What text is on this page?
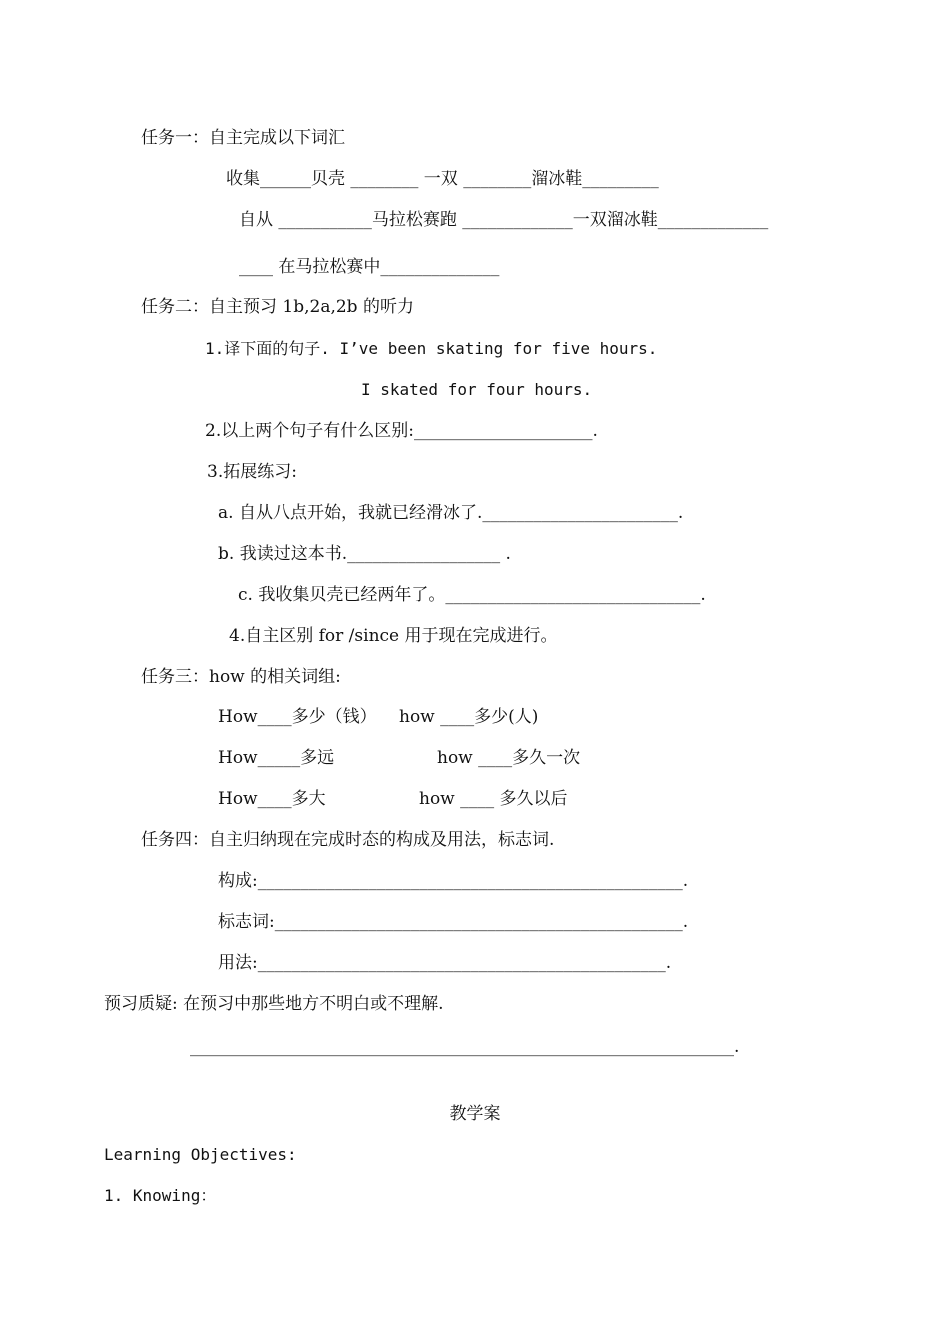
任务一：自主完成以下词汇
收集______贝壳 ________ 一双 ________溜冰鞋_________
自从 ___________马拉松赛跑 _____________一双溜冰鞋_____________
____ 在马拉松赛中______________
任务二：自主预习 1b,2a,2b 的听力
1.译下面的句子. I’ve been skating for five hours.
I skated for four hours.
2.以上两个句子有什么区别:_____________________.
3.拓展练习:
a. 自从八点开始，我就已经滑冰了._______________________.
b. 我读过这本书.__________________ .
c. 我收集贝壳已经两年了。______________________________.
4.自主区别 for /since 用于现在完成进行。
任务三：how 的相关词组:
How____多少（钱） how ____多少(人)
How_____多远	how ____多久一次
How____多大	how ____ 多久以后
任务四：自主归纳现在完成时态的构成及用法，标志词.
构成:__________________________________________________.
标志词:________________________________________________.
用法:________________________________________________.
预习质疑: 在预习中那些地方不明白或不理解.
________________________________________________________________.
教学案
Learning Objectives:
1. Knowing：
